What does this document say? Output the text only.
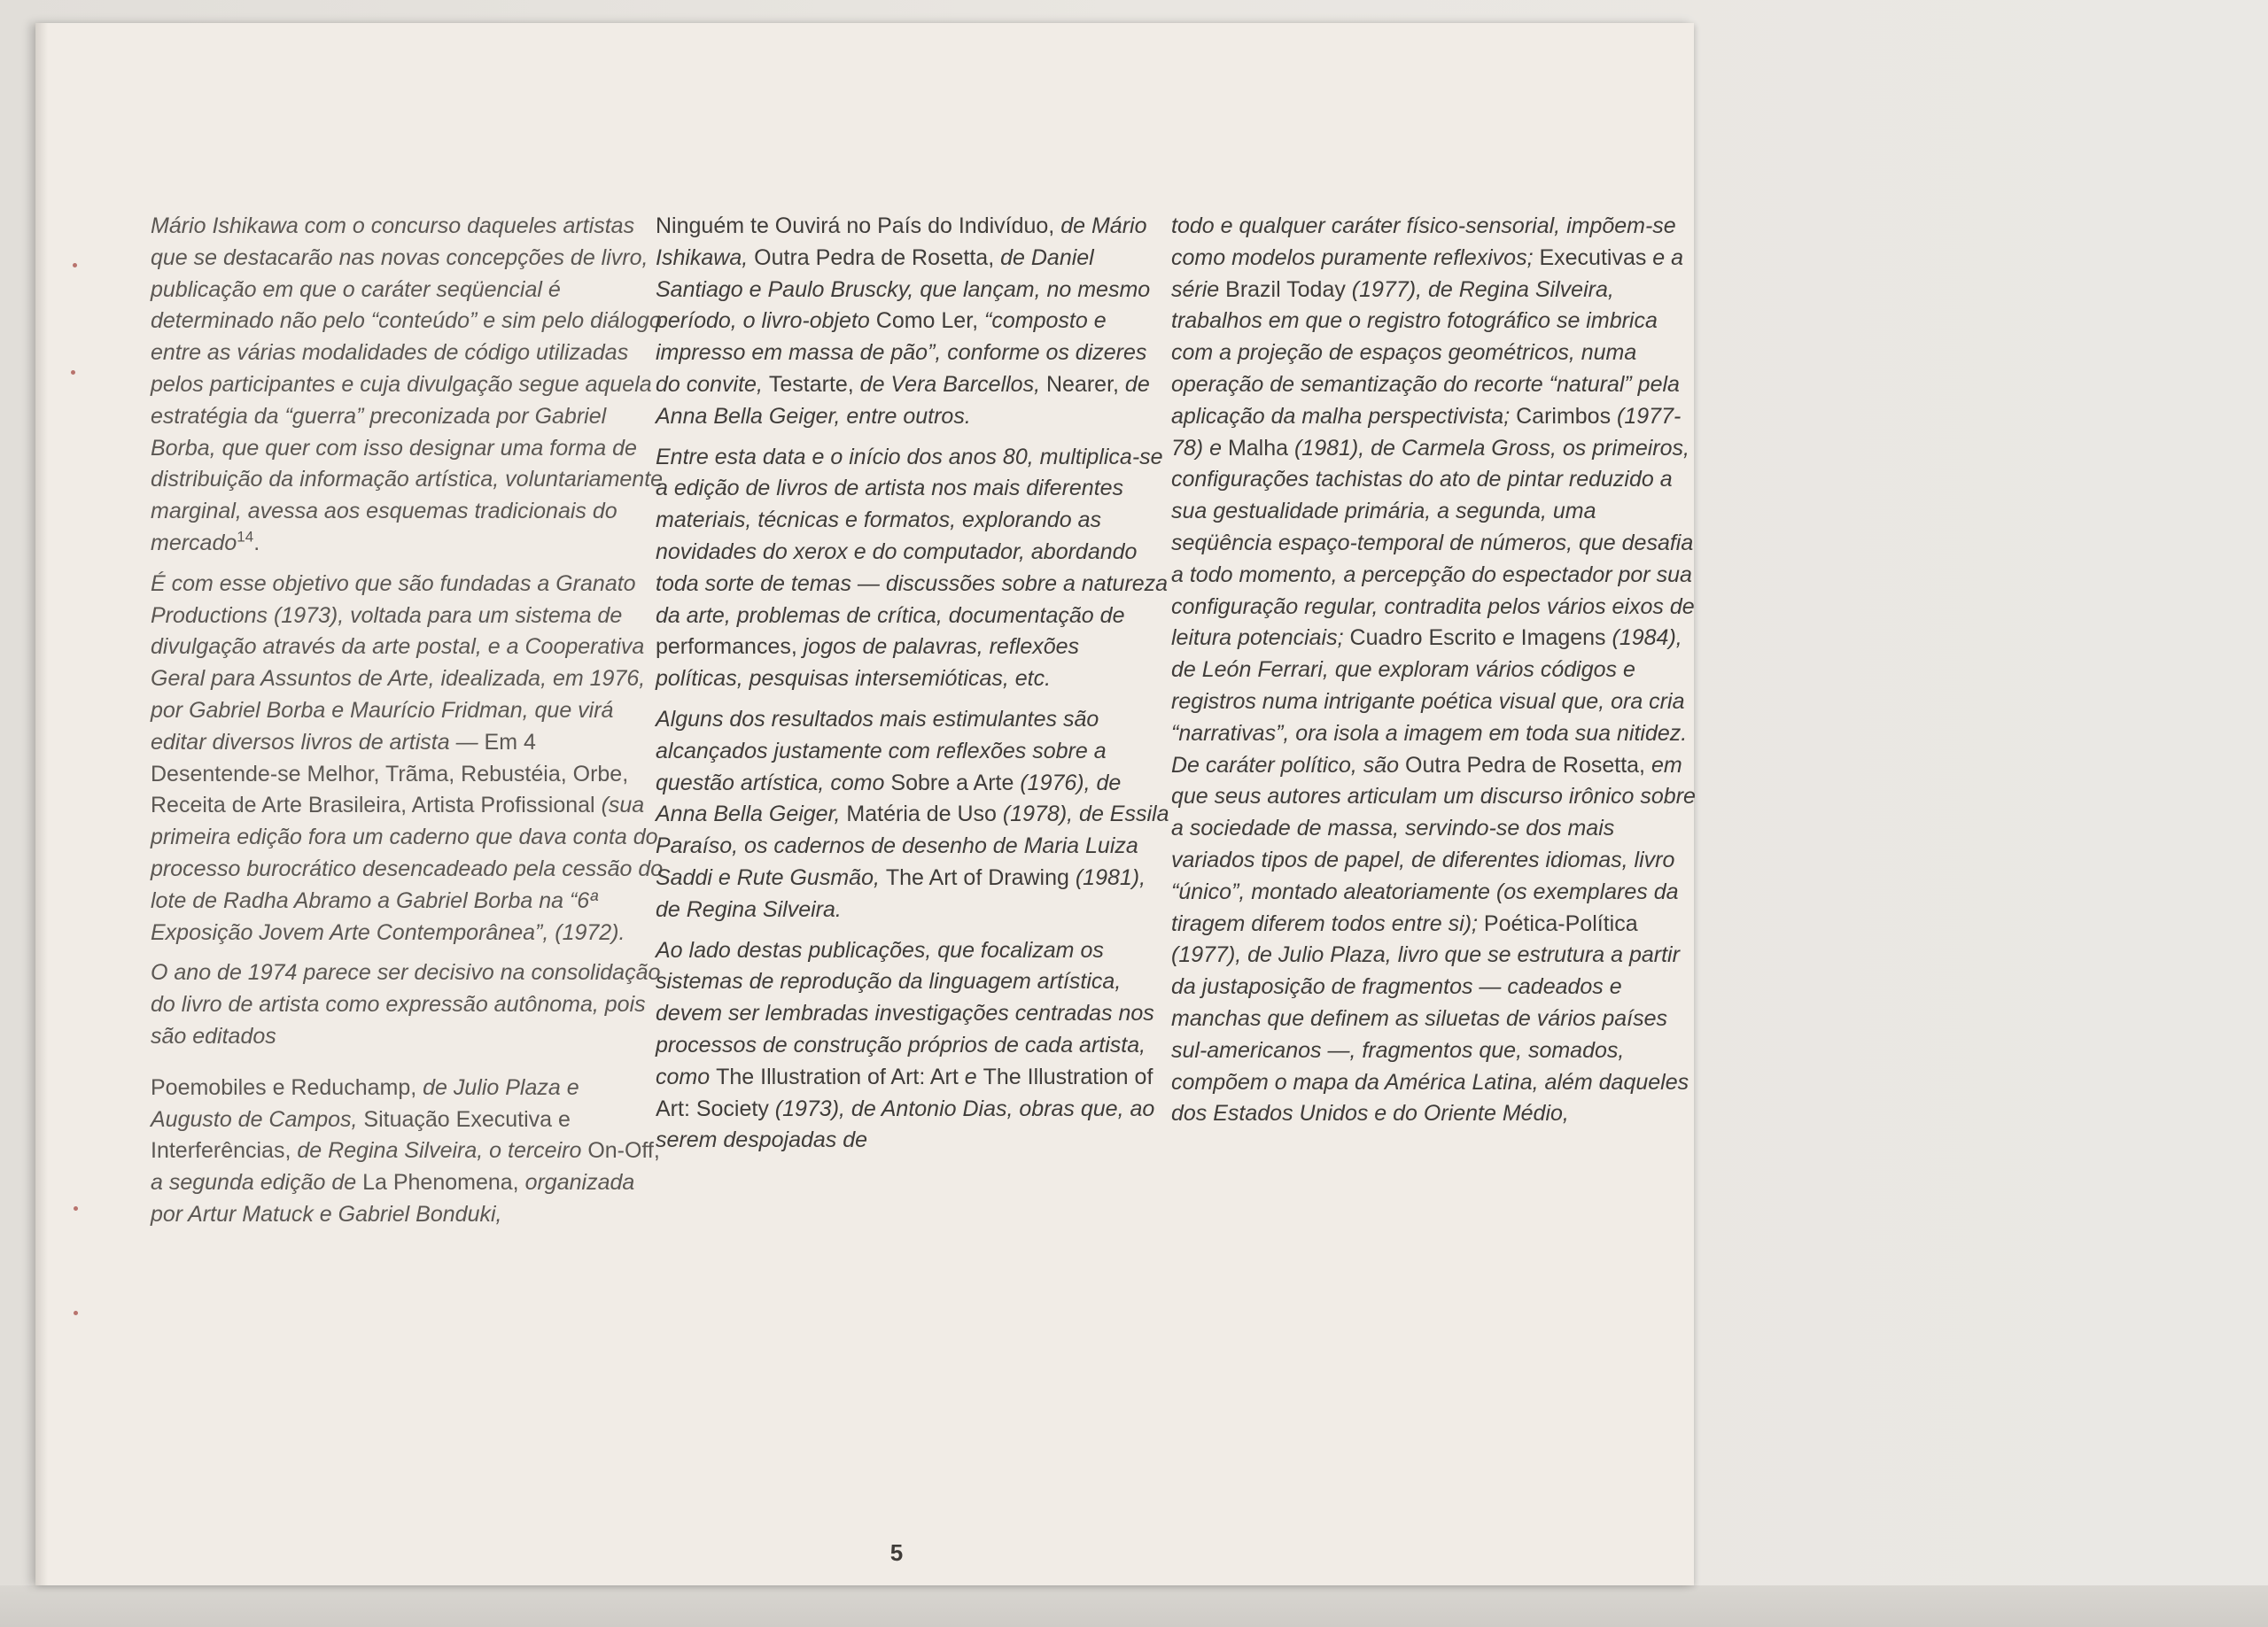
Mário Ishikawa com o concurso daqueles artistas que se destacarão nas novas concepções de livro, publicação em que o caráter seqüencial é determinado não pelo “conteúdo” e sim pelo diálogo entre as várias modalidades de código utilizadas pelos participantes e cuja divulgação segue aquela estratégia da “guerra” preconizada por Gabriel Borba, que quer com isso designar uma forma de distribuição da informação artística, voluntariamente marginal, avessa aos esquemas tradicionais do mercado$^{14}$.

É com esse objetivo que são fundadas a Granato Productions (1973), voltada para um sistema de divulgação através da arte postal, e a Cooperativa Geral para Assuntos de Arte, idealizada, em 1976, por Gabriel Borba e Maurício Fridman, que virá editar diversos livros de artista — Em 4 Desentende-se Melhor, Trãma, Rebustéia, Orbe, Receita de Arte Brasileira, Artista Profissional (sua primeira edição fora um caderno que dava conta do processo burocrático desencadeado pela cessão do lote de Radha Abramo a Gabriel Borba na “6ª Exposição Jovem Arte Contemporânea”, (1972).

O ano de 1974 parece ser decisivo na consolidação do livro de artista como expressão autônoma, pois são editados

Poemobiles e Reduchamp, de Julio Plaza e Augusto de Campos, Situação Executiva e Interferências, de Regina Silveira, o terceiro On-Off, a segunda edição de La Phenomena, organizada por Artur Matuck e Gabriel Bonduki,

Ninguém te Ouvirá no País do Indivíduo, de Mário Ishikawa, Outra Pedra de Rosetta, de Daniel Santiago e Paulo Bruscky, que lançam, no mesmo período, o livro-objeto Como Ler, “composto e impresso em massa de pão”, conforme os dizeres do convite, Testarte, de Vera Barcellos, Nearer, de Anna Bella Geiger, entre outros.

Entre esta data e o início dos anos 80, multiplica-se a edição de livros de artista nos mais diferentes materiais, técnicas e formatos, explorando as novidades do xerox e do computador, abordando toda sorte de temas — discussões sobre a natureza da arte, problemas de crítica, documentação de performances, jogos de palavras, reflexões políticas, pesquisas intersemióticas, etc.

Alguns dos resultados mais estimulantes são alcançados justamente com reflexões sobre a questão artística, como Sobre a Arte (1976), de Anna Bella Geiger, Matéria de Uso (1978), de Essila Paraíso, os cadernos de desenho de Maria Luiza Saddi e Rute Gusmão, The Art of Drawing (1981), de Regina Silveira.

Ao lado destas publicações, que focalizam os sistemas de reprodução da linguagem artística, devem ser lembradas investigações centradas nos processos de construção próprios de cada artista, como The Illustration of Art: Art e The Illustration of Art: Society (1973), de Antonio Dias, obras que, ao serem despojadas de

todo e qualquer caráter físico-sensorial, impõem-se como modelos puramente reflexivos; Executivas e a série Brazil Today (1977), de Regina Silveira, trabalhos em que o registro fotográfico se imbrica com a projeção de espaços geométricos, numa operação de semantização do recorte “natural” pela aplicação da malha perspectivista; Carimbos (1977-78) e Malha (1981), de Carmela Gross, os primeiros, configurações tachistas do ato de pintar reduzido a sua gestualidade primária, a segunda, uma seqüência espaço-temporal de números, que desafia a todo momento, a percepção do espectador por sua configuração regular, contradita pelos vários eixos de leitura potenciais; Cuadro Escrito e Imagens (1984), de León Ferrari, que exploram vários códigos e registros numa intrigante poética visual que, ora cria “narrativas”, ora isola a imagem em toda sua nitidez.

De caráter político, são Outra Pedra de Rosetta, em que seus autores articulam um discurso irônico sobre a sociedade de massa, servindo-se dos mais variados tipos de papel, de diferentes idiomas, livro “único”, montado aleatoriamente (os exemplares da tiragem diferem todos entre si); Poética-Política (1977), de Julio Plaza, livro que se estrutura a partir da justaposição de fragmentos — cadeados e manchas que definem as siluetas de vários países sul-americanos —, fragmentos que, somados, compõem o mapa da América Latina, além daqueles dos Estados Unidos e do Oriente Médio,

5
